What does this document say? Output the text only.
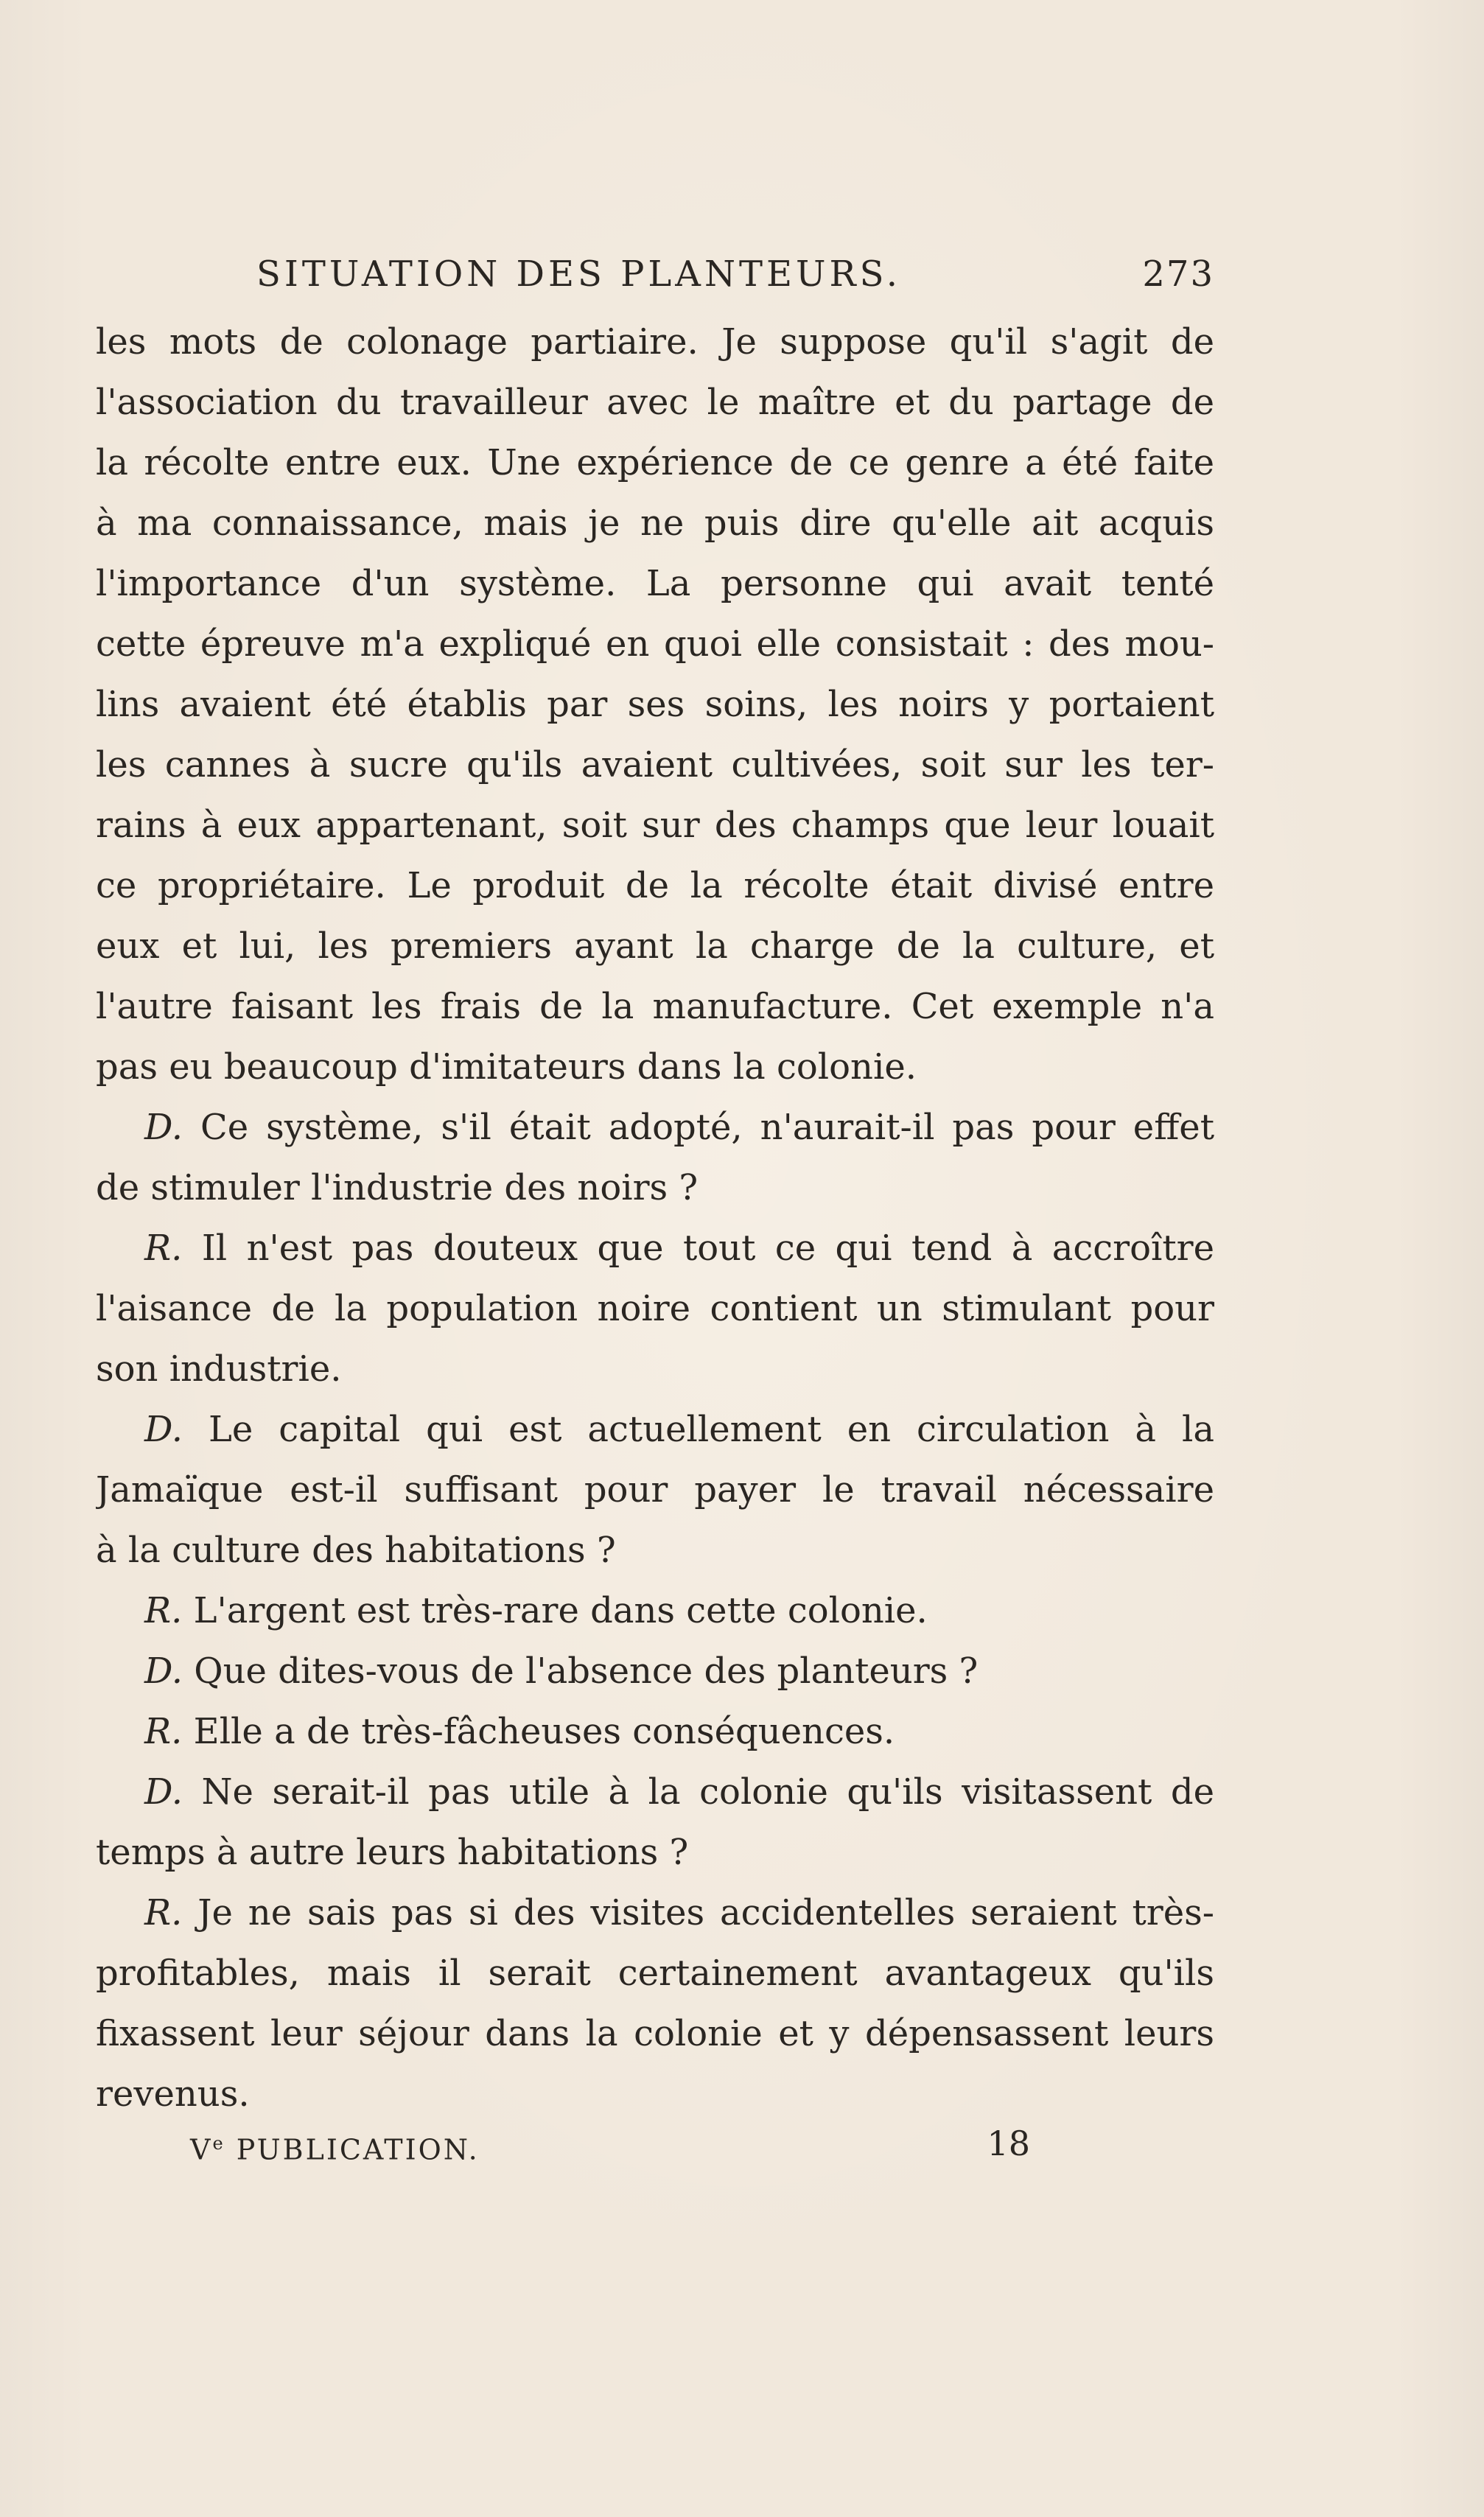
SITUATION DES PLANTEURS.	273
les mots de colonage partiaire. Je suppose qu'il s'agit de
l'association du travailleur avec le maître et du partage de
la récolte entre eux. Une expérience de ce genre a été faite
à ma connaissance, mais je ne puis dire qu'elle ait acquis
l'importance d'un système. La personne qui avait tenté
cette épreuve m'a expliqué en quoi elle consistait : des mou-
lins avaient été établis par ses soins, les noirs y portaient
les cannes à sucre qu'ils avaient cultivées, soit sur les ter-
rains à eux appartenant, soit sur des champs que leur louait
ce propriétaire. Le produit de la récolte était divisé entre
eux et lui, les premiers ayant la charge de la culture, et
l'autre faisant les frais de la manufacture. Cet exemple n'a
pas eu beaucoup d'imitateurs dans la colonie.
D. Ce système, s'il était adopté, n'aurait-il pas pour effet
de stimuler l'industrie des noirs ?
R. Il n'est pas douteux que tout ce qui tend à accroître
l'aisance de la population noire contient un stimulant pour
son industrie.
D. Le capital qui est actuellement en circulation à la
Jamaïque est-il suffisant pour payer le travail nécessaire
à la culture des habitations ?
R. L'argent est très-rare dans cette colonie.
D. Que dites-vous de l'absence des planteurs ?
R. Elle a de très-fâcheuses conséquences.
D. Ne serait-il pas utile à la colonie qu'ils visitassent de
temps à autre leurs habitations ?
R. Je ne sais pas si des visites accidentelles seraient très-
profitables, mais il serait certainement avantageux qu'ils
fixassent leur séjour dans la colonie et y dépensassent leurs
revenus.
Ve PUBLICATION.	18
